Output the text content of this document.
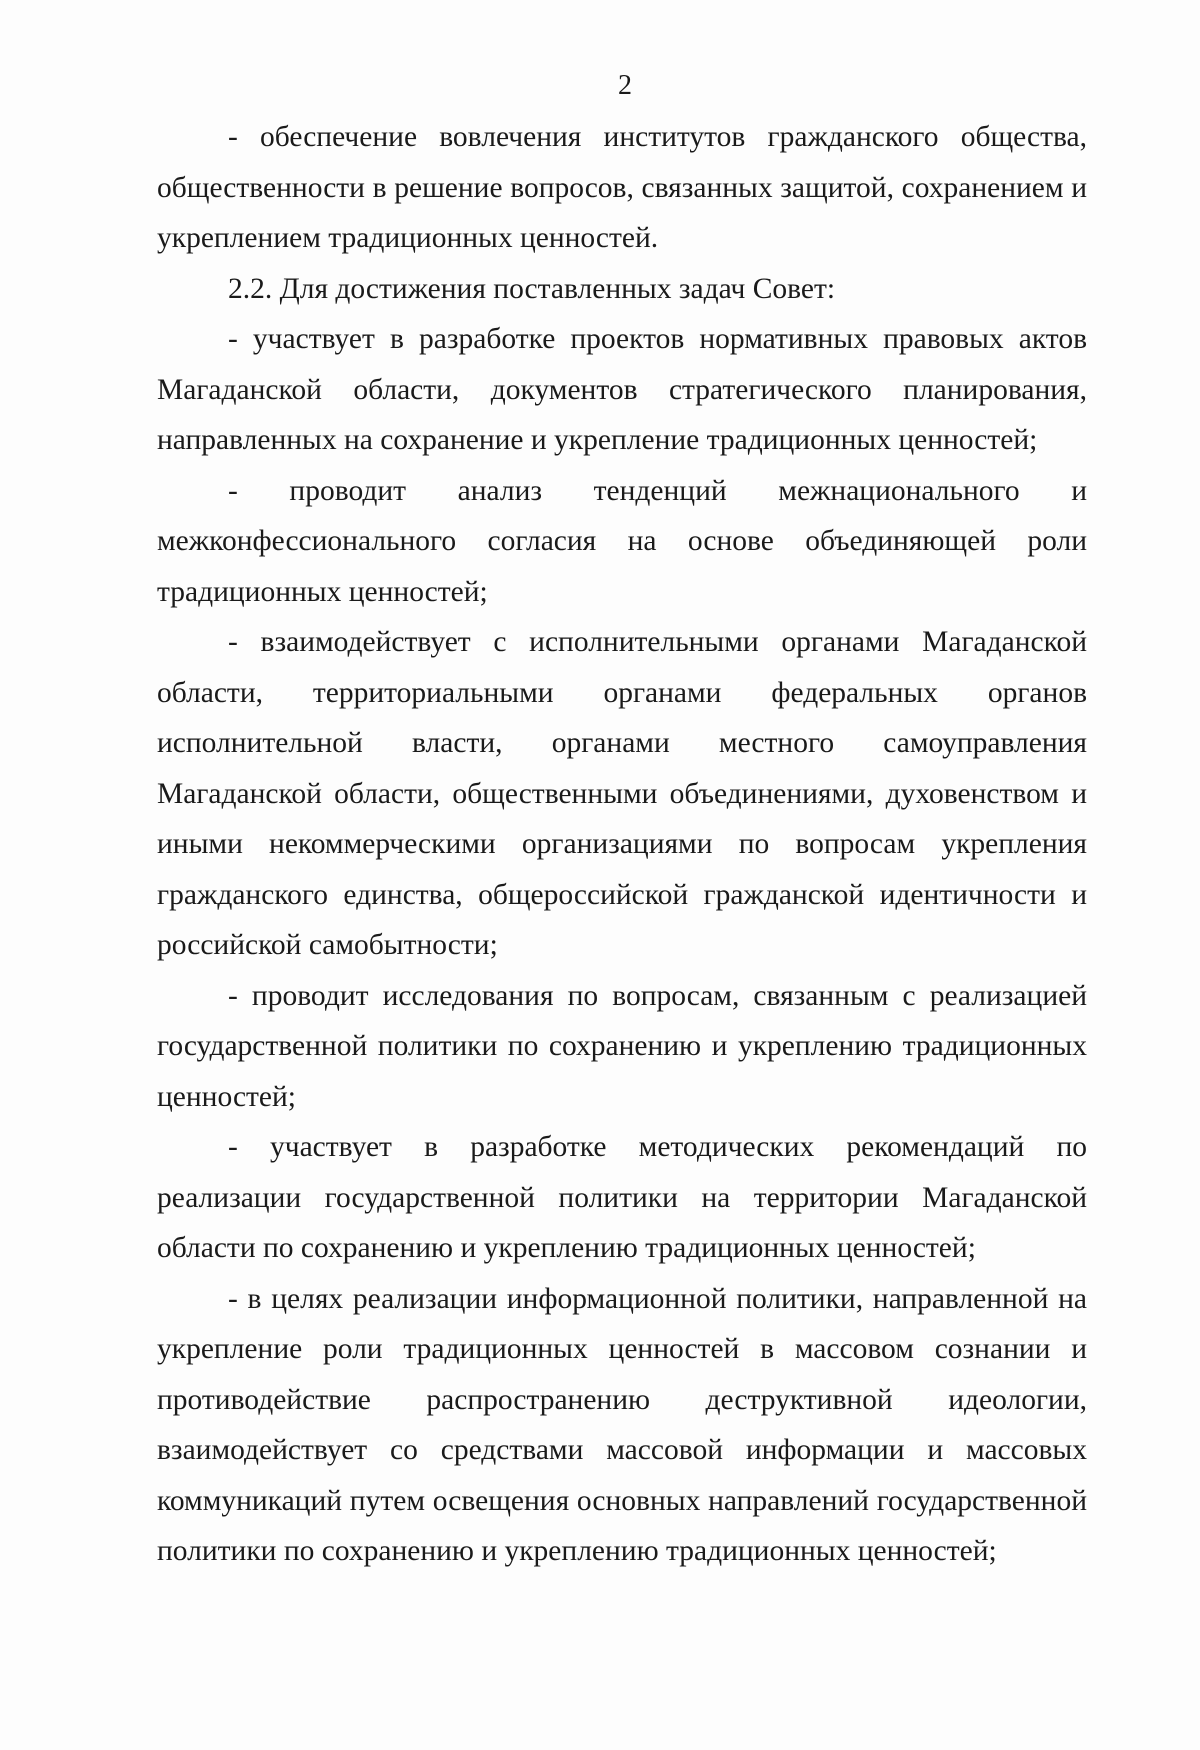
2

- обеспечение вовлечения институтов гражданского общества, общественности в решение вопросов, связанных защитой, сохранением и укреплением традиционных ценностей.

2.2. Для достижения поставленных задач Совет:

- участвует в разработке проектов нормативных правовых актов Магаданской области, документов стратегического планирования, направленных на сохранение и укрепление традиционных ценностей;

- проводит анализ тенденций межнационального и межконфессионального согласия на основе объединяющей роли традиционных ценностей;

- взаимодействует с исполнительными органами Магаданской области, территориальными органами федеральных органов исполнительной власти, органами местного самоуправления Магаданской области, общественными объединениями, духовенством и иными некоммерческими организациями по вопросам укрепления гражданского единства, общероссийской гражданской идентичности и российской самобытности;

- проводит исследования по вопросам, связанным с реализацией государственной политики по сохранению и укреплению традиционных ценностей;

- участвует в разработке методических рекомендаций по реализации государственной политики на территории Магаданской области по сохранению и укреплению традиционных ценностей;

- в целях реализации информационной политики, направленной на укрепление роли традиционных ценностей в массовом сознании и противодействие распространению деструктивной идеологии, взаимодействует со средствами массовой информации и массовых коммуникаций путем освещения основных направлений государственной политики по сохранению и укреплению традиционных ценностей;
